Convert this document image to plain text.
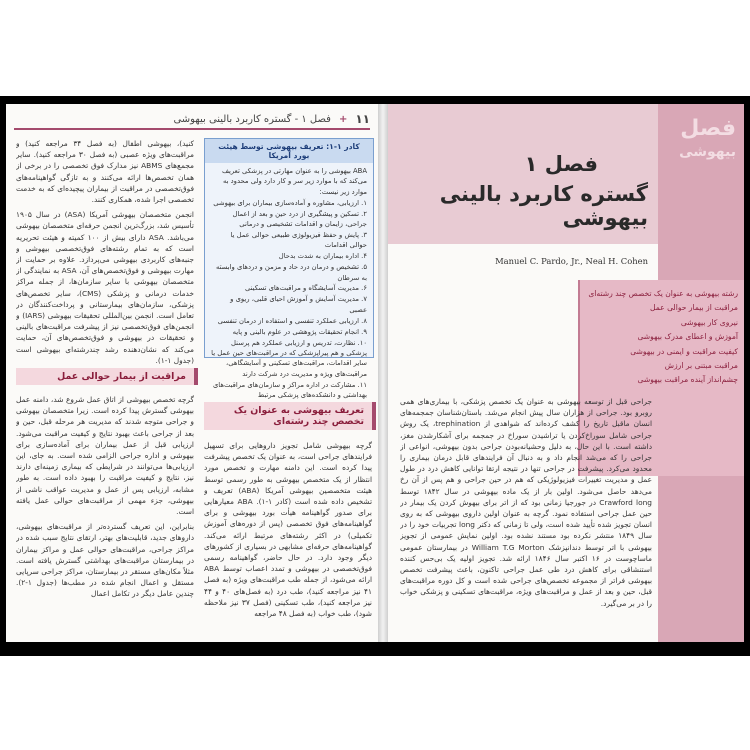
۱۱
+
فصل ۱ - گستره کاربرد بالینی بیهوشی
کادر ۱-۱: تعریف بیهوشی توسط هیئت بورد آمریکا
ABA بیهوشی را به عنوان مهارتی در پزشکی تعریف می‌کند که با موارد زیر سر و کار دارد ولی محدود به موارد زیر نیست:
۱. ارزیابی، مشاوره و آماده‌سازی بیماران برای بیهوشی
۲. تسکین و پیشگیری از درد حین و بعد از اعمال جراحی، زایمان و اقدامات تشخیصی و درمانی
۳. پایش و حفظ فیزیولوژی طبیعی حوالی عمل یا حوالی اقدامات
۴. اداره بیماران به شدت بدحال
۵. تشخیص و درمان درد حاد و مزمن و دردهای وابسته به سرطان
۶. مدیریت آسایشگاه و مراقبت‌های تسکینی
۷. مدیریت آسایش و آموزش احیای قلبی، ریوی و عصبی
۸. ارزیابی عملکرد تنفسی و استفاده از درمان تنفسی
۹. انجام تحقیقات پژوهشی در علوم بالینی و پایه
۱۰. نظارت، تدریس و ارزیابی عملکرد هم پرسنل پزشکی و هم پیراپزشکی که در مراقبت‌های حین عمل یا سایر اقدامات، مراقبت‌های تسکینی و آسایشگاهی، مراقبت‌های ویژه و مدیریت درد شرکت دارند
۱۱. مشارکت در اداره مراکز و سازمان‌های مراقبت‌های بهداشتی و دانشکده‌های پزشکی مرتبط
تعریف بیهوشی به عنوان یک تخصص چند رشته‌ای

گرچه بیهوشی شامل تجویز داروهایی برای تسهیل فرایندهای جراحی است، به عنوان یک تخصص پیشرفت پیدا کرده است. این دامنه مهارت و تخصص مورد انتظار از یک متخصص بیهوشی به طور رسمی توسط هیئت متخصصین بیهوشی آمریکا (ABA) تعریف و تشخیص داده شده است (کادر ۱-۱). ABA معیارهایی برای صدور گواهینامه هیأت بورد بیهوشی و برای گواهینامه‌های فوق تخصصی (پس از دوره‌های آموزش تکمیلی) در اکثر رشته‌های مرتبط ارائه می‌کند. گواهینامه‌های حرفه‌ای مشابهی در بسیاری از کشورهای دیگر وجود دارد. در حال حاضر، گواهینامه رسمی فوق‌تخصصی در بیهوشی و تمدد اعصاب توسط ABA ارائه می‌شود، از جمله طب مراقبت‌های ویژه (به فصل ۴۱ نیز مراجعه کنید)، طب درد (به فصل‌های ۴۰ و ۴۴ نیز مراجعه کنید)، طب تسکینی (فصل ۳۷ نیز ملاحظه شود)، طب خواب (به فصل ۴۸ مراجعه

کنید)، بیهوشی اطفال (به فصل ۳۴ مراجعه کنید) و مراقبت‌های ویژه عصبی (به فصل ۳۰ مراجعه کنید). سایر مجمع‌های ABMS نیز مدارک فوق تخصصی را در برخی از همان تخصص‌ها ارائه می‌کنند و به تازگی گواهینامه‌های فوق‌تخصصی در مراقبت از بیماران پیچیده‌ای که به خدمت تخصصی اجرا شده، همکاری کنند.

انجمن متخصصان بیهوشی آمریکا (ASA) در سال ۱۹۰۵ تأسیس شد، بزرگ‌ترین انجمن حرفه‌ای متخصصان بیهوشی می‌باشد. ASA دارای بیش از ۱۰۰ کمیته و هیئت تحریریه است که به تمام رشته‌های فوق‌تخصصی بیهوشی و جنبه‌های کاربردی بیهوشی می‌پردازد. علاوه بر حمایت از مهارت بیهوشی و فوق‌تخصص‌های آن، ASA به نمایندگی از متخصصان بیهوشی با سایر سازمان‌ها، از جمله مراکز خدمات درمانی و پزشکی (CMS)، سایر تخصص‌های پزشکی، سازمان‌های بیمارستانی و پرداخت‌کنندگان در تعامل است. انجمن بین‌المللی تحقیقات بیهوشی (IARS) و انجمن‌های فوق‌تخصصی نیز از پیشرفت مراقبت‌های بالینی و تحقیقات در بیهوشی و فوق‌تخصص‌های آن، حمایت می‌کند که نشان‌دهنده رشد چندرشته‌ای بیهوشی است (جدول ۱-۱).

مراقبت از بیمار حوالی عمل

گرچه تخصص بیهوشی از اتاق عمل شروع شد، دامنه عمل بیهوشی گسترش پیدا کرده است. زیرا متخصصان بیهوشی و جراحی متوجه شدند که مدیریت هر مرحله قبل، حین و بعد از جراحی باعث بهبود نتایج و کیفیت مراقبت می‌شود. ارزیابی قبل از عمل بیماران برای آماده‌سازی برای بیهوشی و اداره جراحی الزامی شده است. به جای، این ارزیابی‌ها می‌توانند در شرایطی که بیماری زمینه‌ای دارند نیز، نتایج و کیفیت مراقبت را بهبود داده است. به طور مشابه، ارزیابی پس از عمل و مدیریت عواقب ناشی از بیهوشی، جزء مهمی از مراقبت‌های حوالی عمل یافته است.

بنابراین، این تعریف گسترده‌تر از مراقبت‌های بیهوشی، داروهای جدید، قابلیت‌های بهتر، ارتقای نتایج سبب شده در مراکز جراحی، مراقبت‌های حوالی عمل و مراکز بیماران در بیمارستان مراقبت‌های بهداشتی گسترش یافته است. مثلاً مکان‌های مستقر در بیمارستان، مراکز جراحی سرپایی مستقل و اعمال انجام شده در مطب‌ها (جدول ۱-۲). چندین عامل دیگر در تکامل اعمال

فصل
بیهوشی
فصل ۱
گستره کاربرد بالینی بیهوشی
Manuel C. Pardo, Jr., Neal H. Cohen
رشته بیهوشی به عنوان یک تخصص چند رشته‌ای
مراقبت از بیمار حوالی عمل
نیروی کار بیهوشی
آموزش و اعطای مدرک بیهوشی
کیفیت مراقبت و ایمنی در بیهوشی
مراقبت مبتنی بر ارزش
چشم‌انداز آینده مراقبت بیهوشی

جراحی قبل از توسعه بیهوشی به عنوان یک تخصص پزشکی، با بیماری‌های همی روبرو بود. جراحی از هزاران سال پیش انجام می‌شد. باستان‌شناسان جمجمه‌های انسان ماقبل تاریخ را کشف کرده‌اند که شواهدی از trephination، یک روش جراحی شامل سوراخ‌کردن یا تراشیدن سوراخ در جمجمه برای آشکارشدن مغز، داشته است. با این حال، به دلیل وحشیانه‌بودن جراحی بدون بیهوشی، انواعی از جراحی را که می‌شد انجام داد و به دنبال آن فرایندهای قابل درمان بیماری را محدود می‌کرد. پیشرفت در جراحی تنها در نتیجه ارتقا توانایی کاهش درد در طول عمل و مدیریت تغییرات فیزیولوژیکی که هم در حین جراحی و هم پس از آن رخ می‌دهد حاصل می‌شود. اولین بار از یک ماده بیهوشی در سال ۱۸۴۲ توسط Crawford long در جورجیا زمانی بود که از اتر برای بیهوش کردن یک بیمار در حین عمل جراحی استفاده نمود. گرچه به عنوان اولین داروی بیهوشی که به روی انسان تجویز شده تأیید شده است، ولی تا زمانی که دکتر long تجربیات خود را در سال ۱۸۴۹ منتشر نکرده بود مستند نشده بود. اولین نمایش عمومی از تجویز بیهوشی با اتر توسط دندانپزشک William T.G Morton در بیمارستان عمومی ماساچوست در ۱۶ اکتبر سال ۱۸۴۶ ارائه شد. تجویز اولیه یک بی‌حس کننده استنشاقی برای کاهش درد طی عمل جراحی تاکنون، باعث پیشرفت تخصص بیهوشی فراتر از مجموعه تخصص‌های جراحی شده است و کل دوره مراقبت‌های قبل، حین و بعد از عمل و مراقبت‌های ویژه، مراقبت‌های تسکینی و پزشکی خواب را در بر می‌گیرد.
